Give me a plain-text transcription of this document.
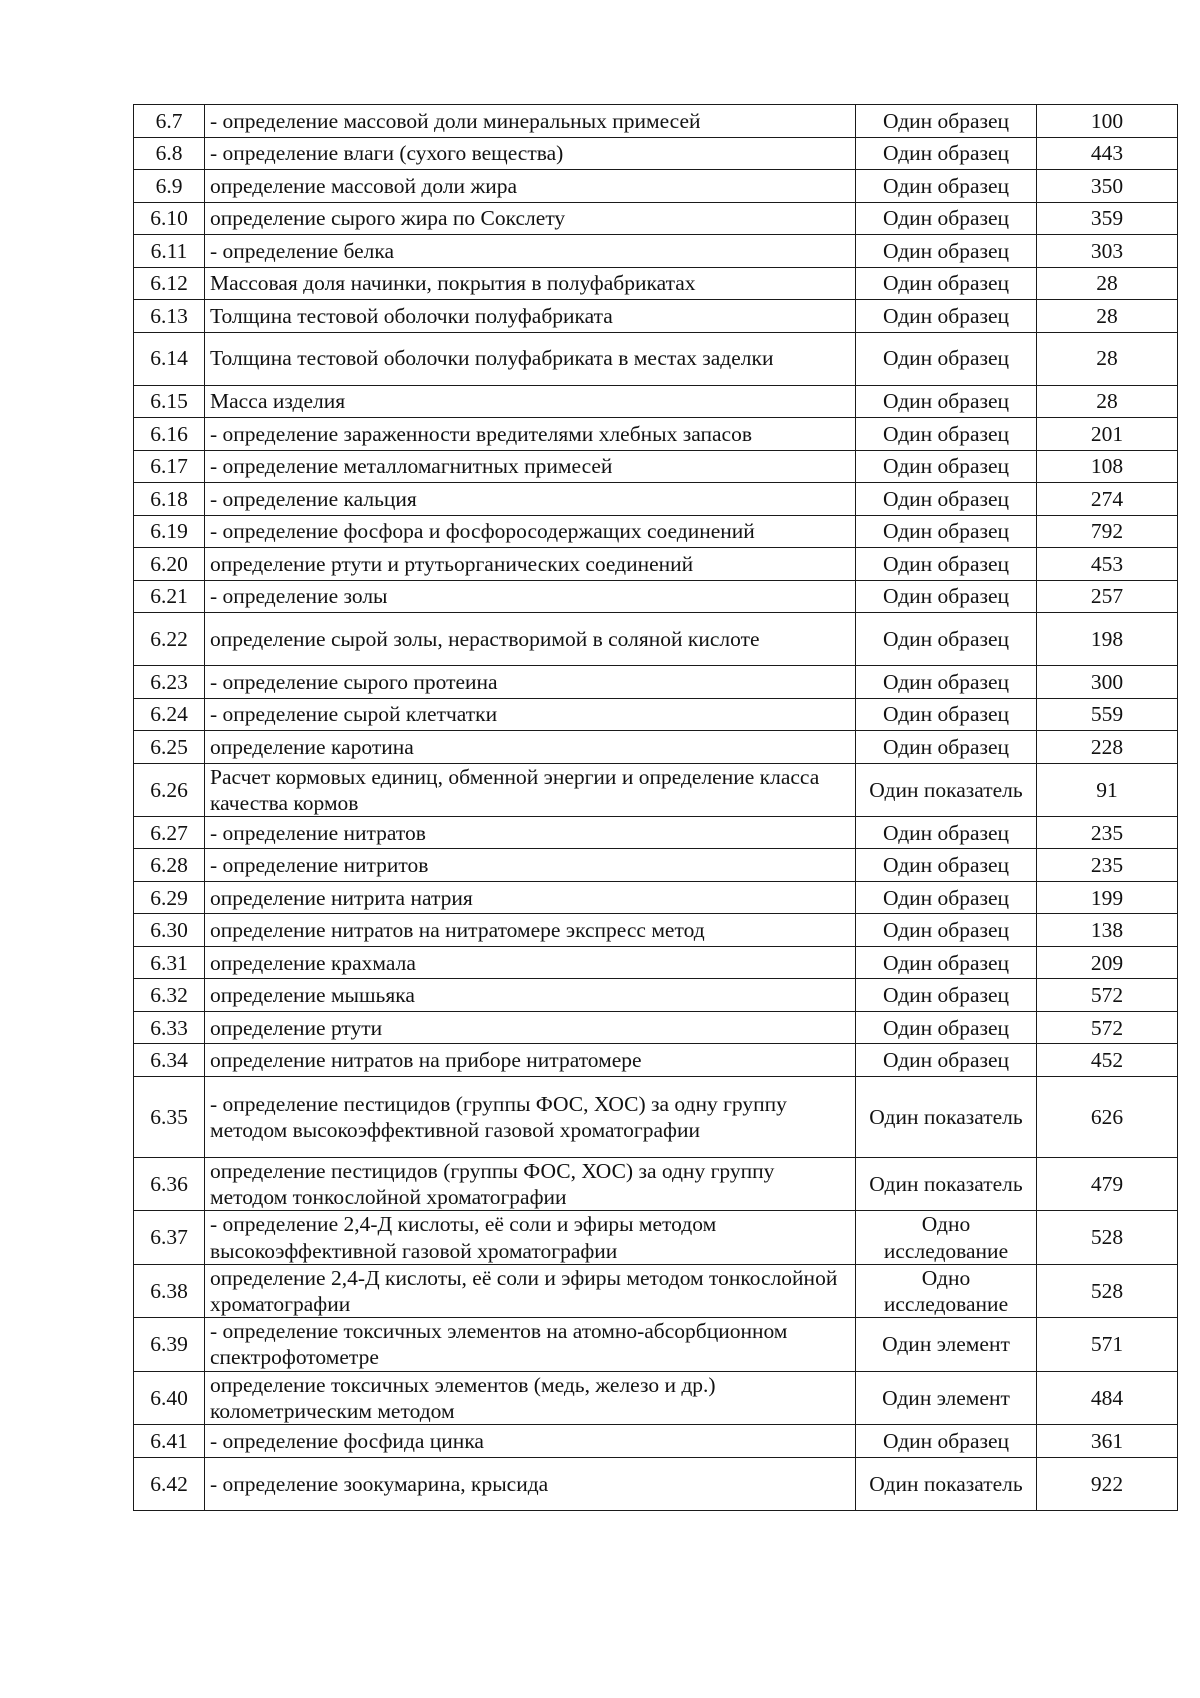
6.7	- определение массовой доли минеральных примесей	Один образец	100
6.8	- определение влаги (сухого вещества)	Один образец	443
6.9	определение массовой доли жира	Один образец	350
6.10	определение сырого жира по Сокслету	Один образец	359
6.11	- определение белка	Один образец	303
6.12	Массовая доля начинки, покрытия в полуфабрикатах	Один образец	28
6.13	Толщина тестовой оболочки полуфабриката	Один образец	28
6.14	Толщина тестовой оболочки полуфабриката в местах заделки	Один образец	28
6.15	Масса изделия	Один образец	28
6.16	- определение зараженности вредителями хлебных запасов	Один образец	201
6.17	- определение металломагнитных примесей	Один образец	108
6.18	- определение кальция	Один образец	274
6.19	- определение фосфора и фосфоросодержащих соединений	Один образец	792
6.20	определение ртути и ртутьорганических соединений	Один образец	453
6.21	- определение золы	Один образец	257
6.22	определение сырой золы, нерастворимой в соляной кислоте	Один образец	198
6.23	- определение сырого протеина	Один образец	300
6.24	- определение сырой клетчатки	Один образец	559
6.25	определение каротина	Один образец	228
6.26	Расчет кормовых единиц, обменной энергии и определение класса качества кормов	Один показатель	91
6.27	- определение нитратов	Один образец	235
6.28	- определение нитритов	Один образец	235
6.29	определение нитрита натрия	Один образец	199
6.30	определение нитратов на нитратомере экспресс метод	Один образец	138
6.31	определение крахмала	Один образец	209
6.32	определение мышьяка	Один образец	572
6.33	определение ртути	Один образец	572
6.34	определение нитратов на приборе нитратомере	Один образец	452
6.35	- определение пестицидов (группы ФОС, ХОС) за одну группу методом высокоэффективной газовой хроматографии	Один показатель	626
6.36	определение пестицидов (группы ФОС, ХОС) за одну группу методом тонкослойной хроматографии	Один показатель	479
6.37	- определение 2,4-Д кислоты, её соли и эфиры методом высокоэффективной газовой хроматографии	Одно исследование	528
6.38	определение 2,4-Д кислоты, её соли и эфиры методом тонкослойной хроматографии	Одно исследование	528
6.39	- определение токсичных элементов на атомно-абсорбционном спектрофотометре	Один элемент	571
6.40	определение токсичных элементов (медь, железо и др.) колометрическим методом	Один элемент	484
6.41	- определение фосфида цинка	Один образец	361
6.42	- определение зоокумарина, крысида	Один показатель	922
